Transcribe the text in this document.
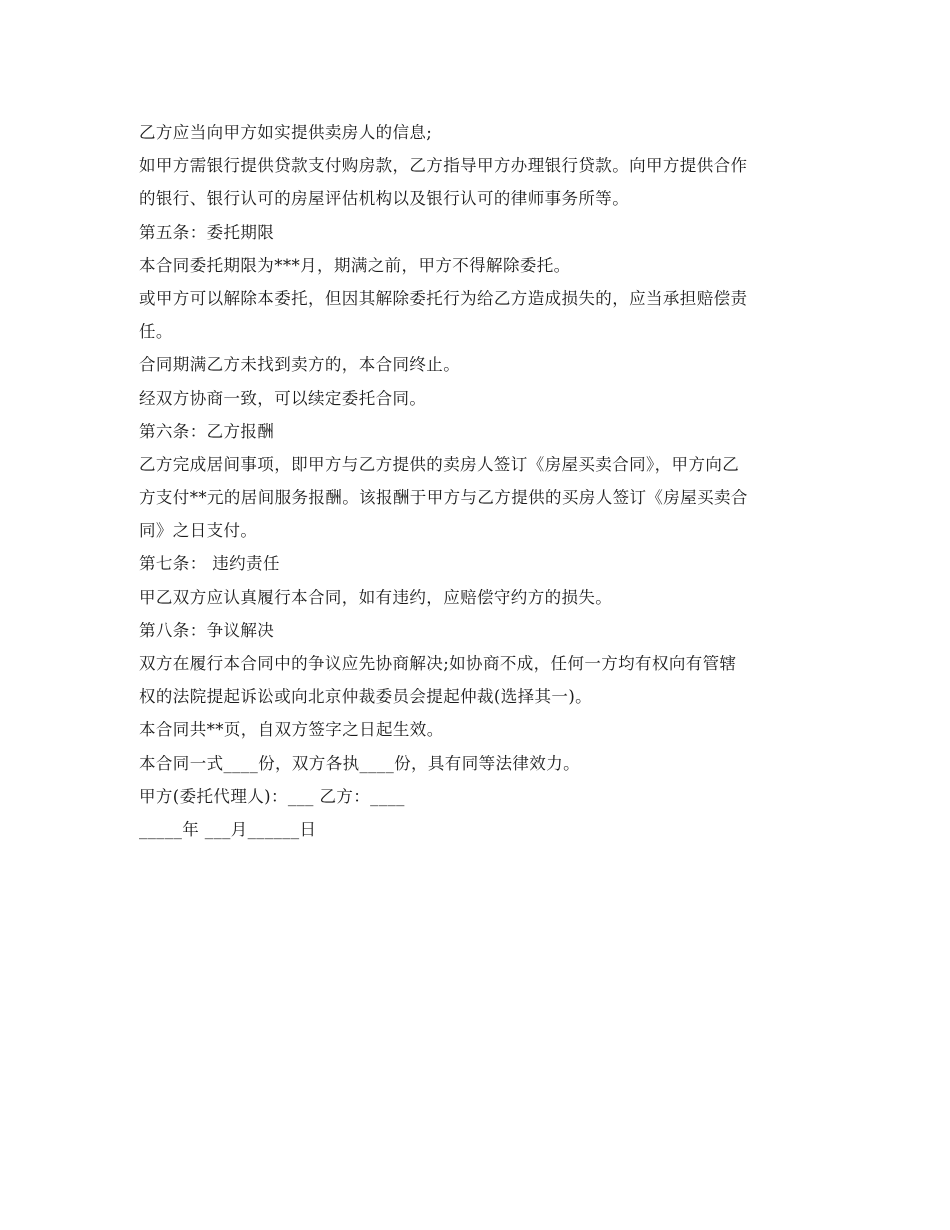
乙方应当向甲方如实提供卖房人的信息;
如甲方需银行提供贷款支付购房款，乙方指导甲方办理银行贷款。向甲方提供合作
的银行、银行认可的房屋评估机构以及银行认可的律师事务所等。
第五条：委托期限
本合同委托期限为***月，期满之前，甲方不得解除委托。
或甲方可以解除本委托，但因其解除委托行为给乙方造成损失的，应当承担赔偿责
任。
合同期满乙方未找到卖方的，本合同终止。
经双方协商一致，可以续定委托合同。
第六条：乙方报酬
乙方完成居间事项，即甲方与乙方提供的卖房人签订《房屋买卖合同》，甲方向乙
方支付**元的居间服务报酬。该报酬于甲方与乙方提供的买房人签订《房屋买卖合
同》之日支付。
第七条： 违约责任
甲乙双方应认真履行本合同，如有违约，应赔偿守约方的损失。
第八条：争议解决
双方在履行本合同中的争议应先协商解决;如协商不成，任何一方均有权向有管辖
权的法院提起诉讼或向北京仲裁委员会提起仲裁(选择其一)。
本合同共**页，自双方签字之日起生效。
本合同一式____份，双方各执____份，具有同等法律效力。
甲方(委托代理人)：___ 乙方：____
_____年 ___月______日
